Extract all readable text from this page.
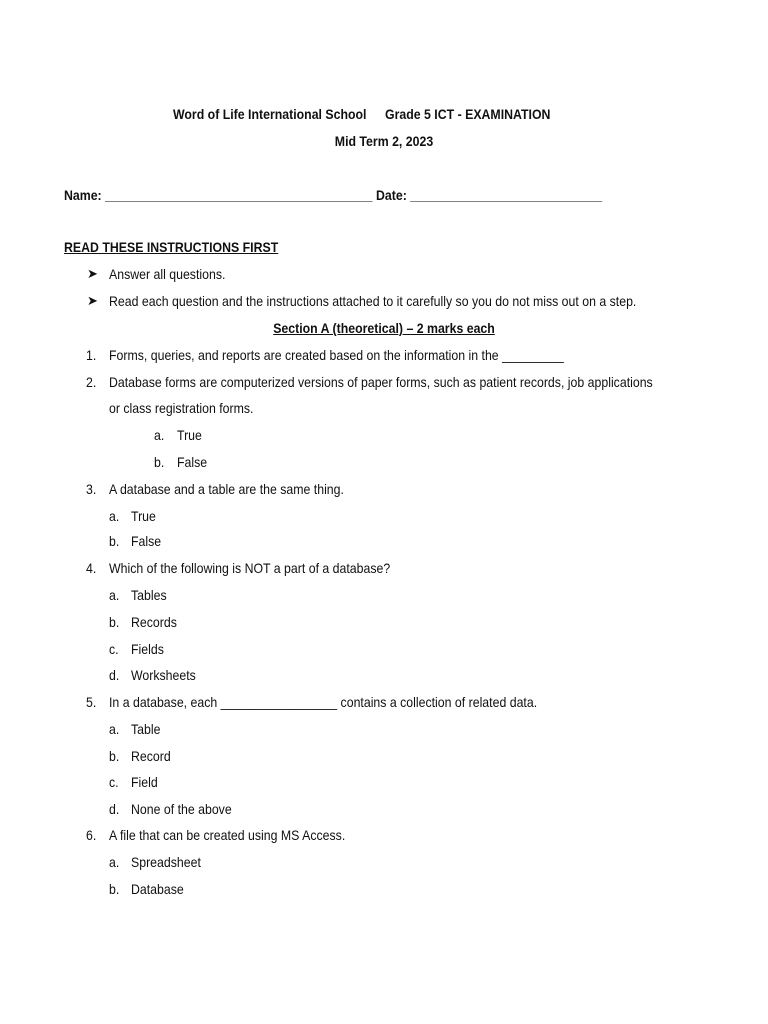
Word of Life International School Grade 5 ICT - EXAMINATION
Mid Term 2, 2023
Name: _______________________________________ Date: ____________________________
READ THESE INSTRUCTIONS FIRST
➤ Answer all questions.
➤ Read each question and the instructions attached to it carefully so you do not miss out on a step.
Section A (theoretical) – 2 marks each
1. Forms, queries, and reports are created based on the information in the _________
2. Database forms are computerized versions of paper forms, such as patient records, job applications
or class registration forms.
a. True
b. False
3. A database and a table are the same thing.
a. True
b. False
4. Which of the following is NOT a part of a database?
a. Tables
b. Records
c. Fields
d. Worksheets
5. In a database, each _________________ contains a collection of related data.
a. Table
b. Record
c. Field
d. None of the above
6. A file that can be created using MS Access.
a. Spreadsheet
b. Database
